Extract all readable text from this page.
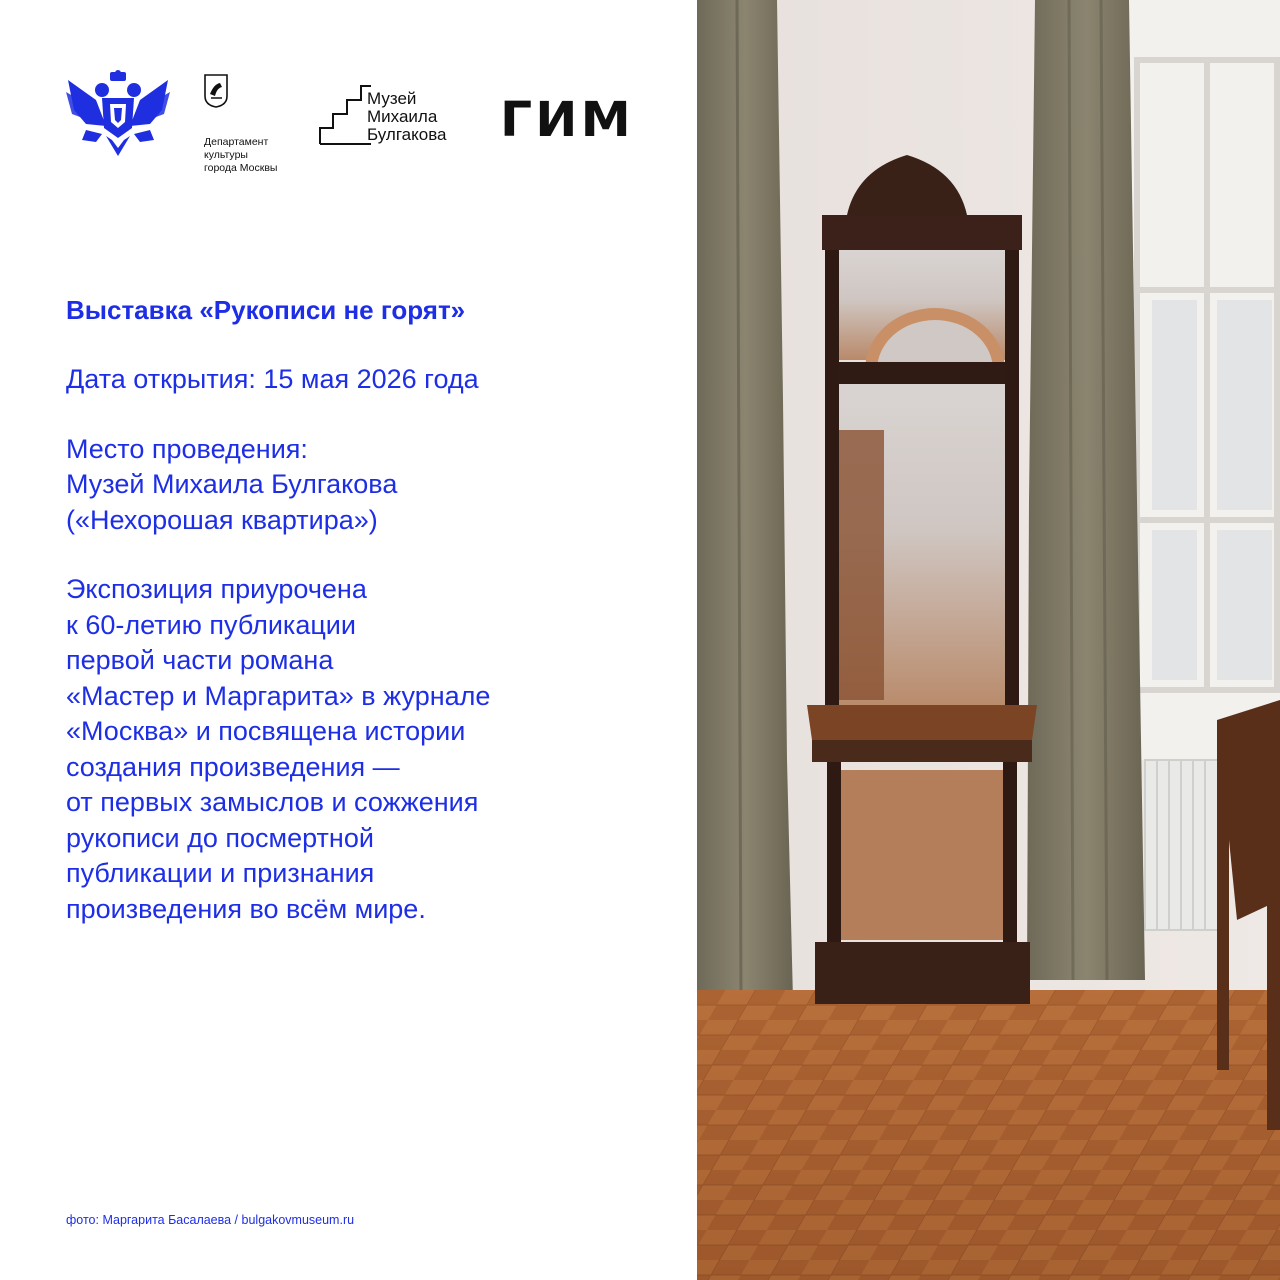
Департамент
культуры
города Москвы
Музей
Михаила
Булгакова ГИМ

Выставка «Рукописи не горят»

Дата открытия: 15 мая 2026 года

Место проведения:
Музей Михаила Булгакова
(«Нехорошая квартира»)

Экспозиция приурочена
к 60-летию публикации
первой части романа
«Мастер и Маргарита» в журнале
«Москва» и посвящена истории
создания произведения —
от первых замыслов и сожжения
рукописи до посмертной
публикации и признания
произведения во всём мире.

фото: Маргарита Басалаева / bulgakovmuseum.ru
